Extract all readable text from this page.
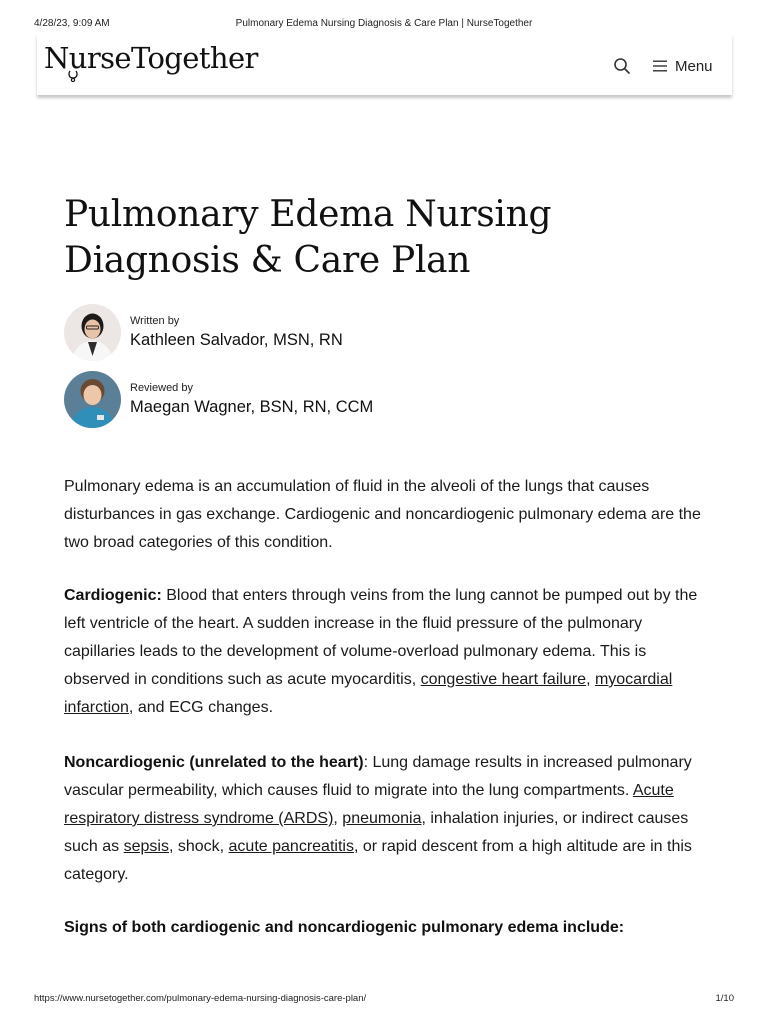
4/28/23, 9:09 AM	Pulmonary Edema Nursing Diagnosis & Care Plan | NurseTogether
NurseTogether	Menu
Pulmonary Edema Nursing Diagnosis & Care Plan
Written by
Kathleen Salvador, MSN, RN
Reviewed by
Maegan Wagner, BSN, RN, CCM

Pulmonary edema is an accumulation of fluid in the alveoli of the lungs that causes disturbances in gas exchange. Cardiogenic and noncardiogenic pulmonary edema are the two broad categories of this condition.

Cardiogenic: Blood that enters through veins from the lung cannot be pumped out by the left ventricle of the heart. A sudden increase in the fluid pressure of the pulmonary capillaries leads to the development of volume-overload pulmonary edema. This is observed in conditions such as acute myocarditis, congestive heart failure, myocardial infarction, and ECG changes.

Noncardiogenic (unrelated to the heart): Lung damage results in increased pulmonary vascular permeability, which causes fluid to migrate into the lung compartments. Acute respiratory distress syndrome (ARDS), pneumonia, inhalation injuries, or indirect causes such as sepsis, shock, acute pancreatitis, or rapid descent from a high altitude are in this category.

Signs of both cardiogenic and noncardiogenic pulmonary edema include:

https://www.nursetogether.com/pulmonary-edema-nursing-diagnosis-care-plan/	1/10
